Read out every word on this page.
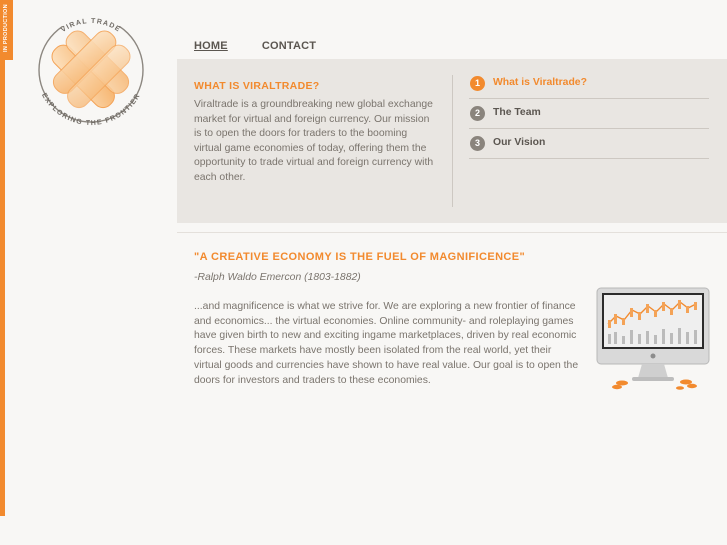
IN PRODUCTION	VIRAL TRADE
EXPLORING THE FRONTIER
HOME	CONTACT
WHAT IS VIRALTRADE?
Viraltrade is a groundbreaking new global exchange market for virtual and foreign currency. Our mission is to open the doors for traders to the booming virtual game economies of today, offering them the opportunity to trade virtual and foreign currency with each other.
1	What is Viraltrade?
2	The Team
3	Our Vision
"A CREATIVE ECONOMY IS THE FUEL OF MAGNIFICENCE"
-Ralph Waldo Emercon (1803-1882)
...and magnificence is what we strive for. We are exploring a new frontier of finance and economics... the virtual economies. Online community- and roleplaying games have given birth to new and exciting ingame marketplaces, driven by real economic forces. These markets have mostly been isolated from the real world, yet their virtual goods and currencies have shown to have real value. Our goal is to open the doors for investors and traders to these economies.
